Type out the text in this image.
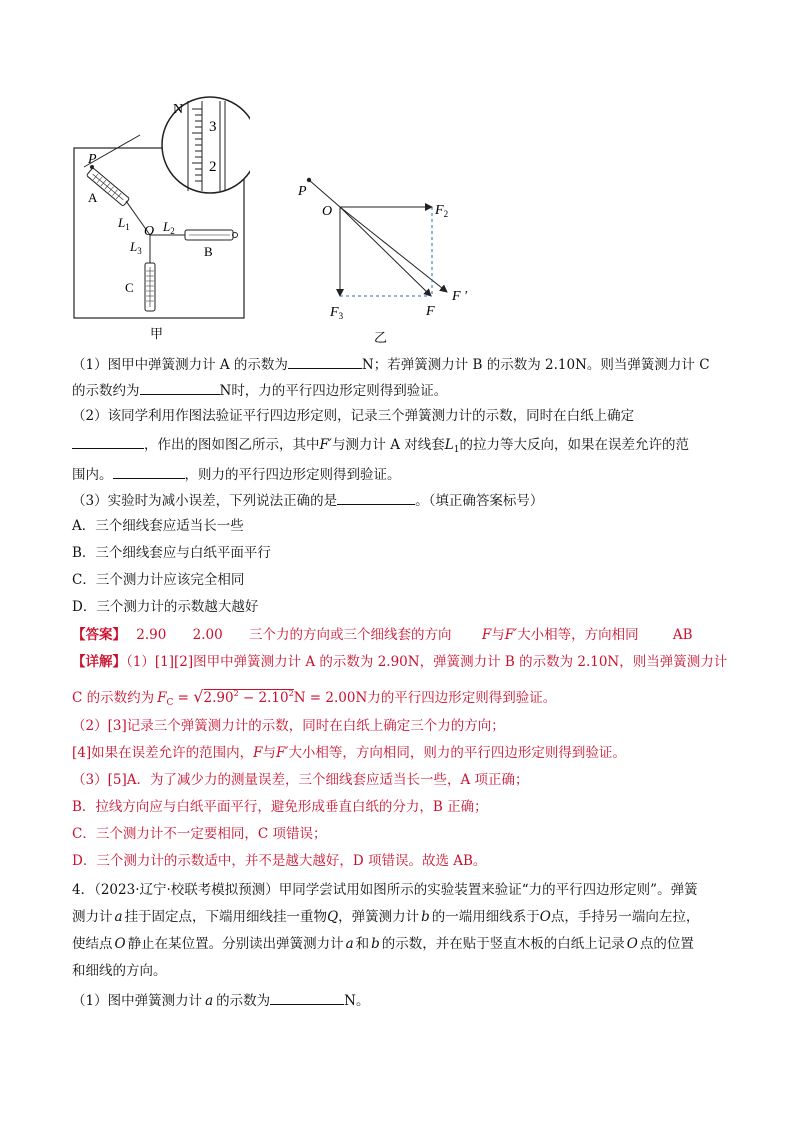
N
3
2
P
A
$L_1$ O $L_2$
$L_3$	B
C
甲
P
O	$F_2$
$F_3$	F
F ′
乙
（1）图甲中弹簧测力计 A 的示数为	N；若弹簧测力计 B 的示数为 2.10N。则当弹簧测力计 C
的示数约为	N时，力的平行四边形定则得到验证。
（2）该同学利用作图法验证平行四边形定则，记录三个弹簧测力计的示数，同时在白纸上确定
，作出的图如图乙所示，其中F′与测力计 A 对线套$L_1$的拉力等大反向，如果在误差允许的范
围内。	，则力的平行四边形定则得到验证。
（3）实验时为减小误差，下列说法正确的是	。（填正确答案标号）
A．三个细线套应适当长一些
B．三个细线套应与白纸平面平行
C．三个测力计应该完全相同
D．三个测力计的示数越大越好
【答案】 2.90 2.00 三个力的方向或三个细线套的方向 F与F′大小相等，方向相同	AB
【详解】（1）[1][2]图甲中弹簧测力计 A 的示数为 2.90N，弹簧测力计 B 的示数为 2.10N，则当弹簧测力计
C 的示数约为 $F_C = √2.90^2 - 2.10^2N = 2.00N$力的平行四边形定则得到验证。
（2）[3]记录三个弹簧测力计的示数，同时在白纸上确定三个力的方向；
[4]如果在误差允许的范围内，F与F′大小相等，方向相同，则力的平行四边形定则得到验证。
（3）[5]A．为了减少力的测量误差，三个细线套应适当长一些，A 项正确；
B．拉线方向应与白纸平面平行，避免形成垂直白纸的分力，B 正确；
C．三个测力计不一定要相同，C 项错误；
D．三个测力计的示数适中，并不是越大越好，D 项错误。故选 AB。
4．（2023·辽宁·校联考模拟预测）甲同学尝试用如图所示的实验装置来验证“力的平行四边形定则”。弹簧
测力计 a 挂于固定点，下端用细线挂一重物Q，弹簧测力计 b 的一端用细线系于O点，手持另一端向左拉，
使结点 O 静止在某位置。分别读出弹簧测力计 a 和 b 的示数，并在贴于竖直木板的白纸上记录 O 点的位置
和细线的方向。
（1）图中弹簧测力计 a 的示数为	N。
